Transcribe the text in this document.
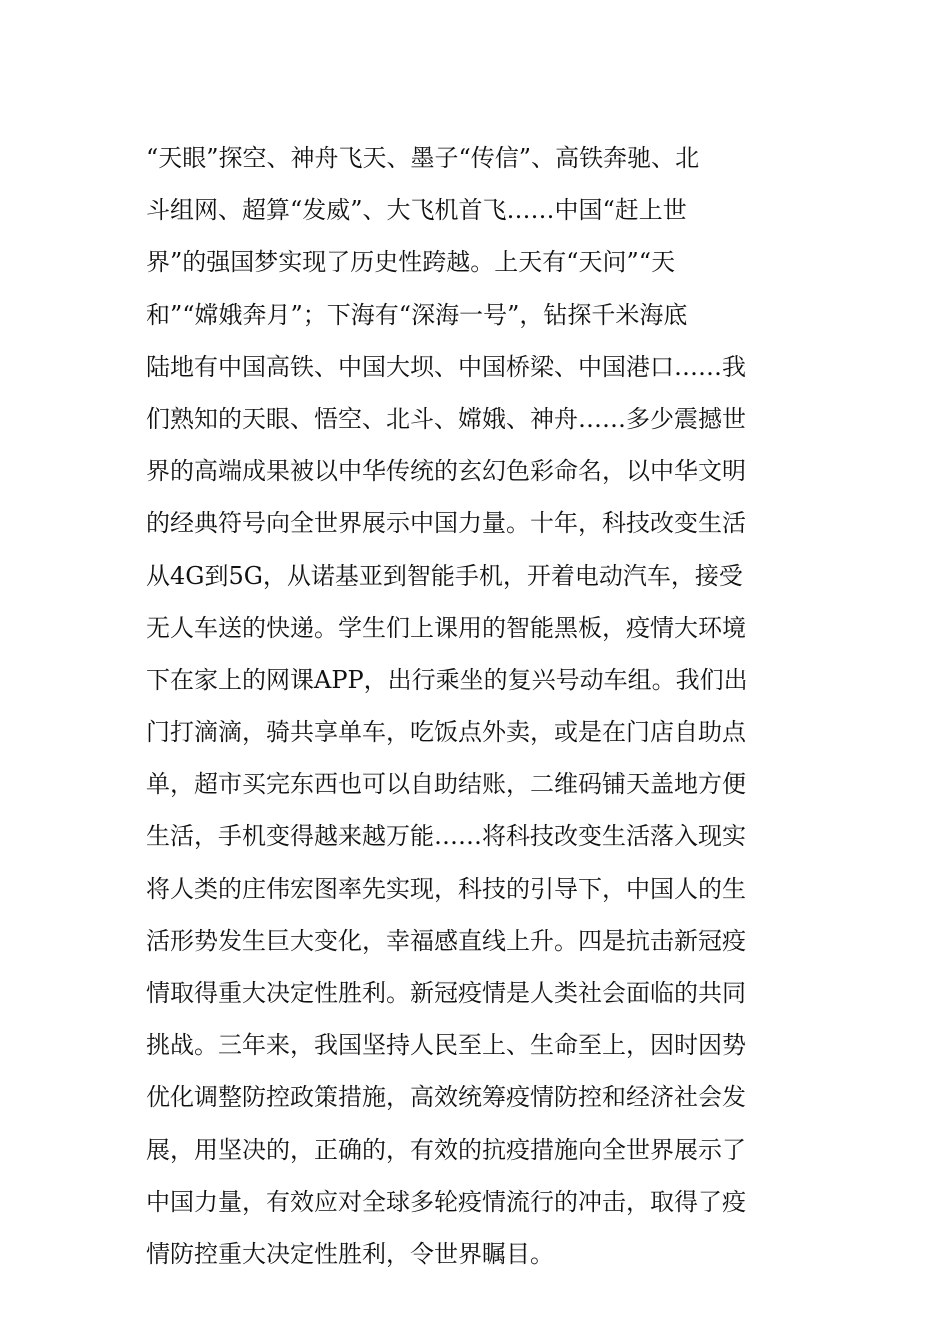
“天眼”探空、神舟飞天、墨子“传信”、高铁奔驰、北
斗组网、超算“发威”、大飞机首飞……中国“赶上世
界”的强国梦实现了历史性跨越。上天有“天问”“天
和”“嫦娥奔月”；下海有“深海一号”，钻探千米海底
陆地有中国高铁、中国大坝、中国桥梁、中国港口……我
们熟知的天眼、悟空、北斗、嫦娥、神舟……多少震撼世
界的高端成果被以中华传统的玄幻色彩命名，以中华文明
的经典符号向全世界展示中国力量。十年，科技改变生活
从4G到5G，从诺基亚到智能手机，开着电动汽车，接受
无人车送的快递。学生们上课用的智能黑板，疫情大环境
下在家上的网课APP，出行乘坐的复兴号动车组。我们出
门打滴滴，骑共享单车，吃饭点外卖，或是在门店自助点
单，超市买完东西也可以自助结账，二维码铺天盖地方便
生活，手机变得越来越万能……将科技改变生活落入现实
将人类的庄伟宏图率先实现，科技的引导下，中国人的生
活形势发生巨大变化，幸福感直线上升。四是抗击新冠疫
情取得重大决定性胜利。新冠疫情是人类社会面临的共同
挑战。三年来，我国坚持人民至上、生命至上，因时因势
优化调整防控政策措施，高效统筹疫情防控和经济社会发
展，用坚决的，正确的，有效的抗疫措施向全世界展示了
中国力量，有效应对全球多轮疫情流行的冲击，取得了疫
情防控重大决定性胜利，令世界瞩目。
